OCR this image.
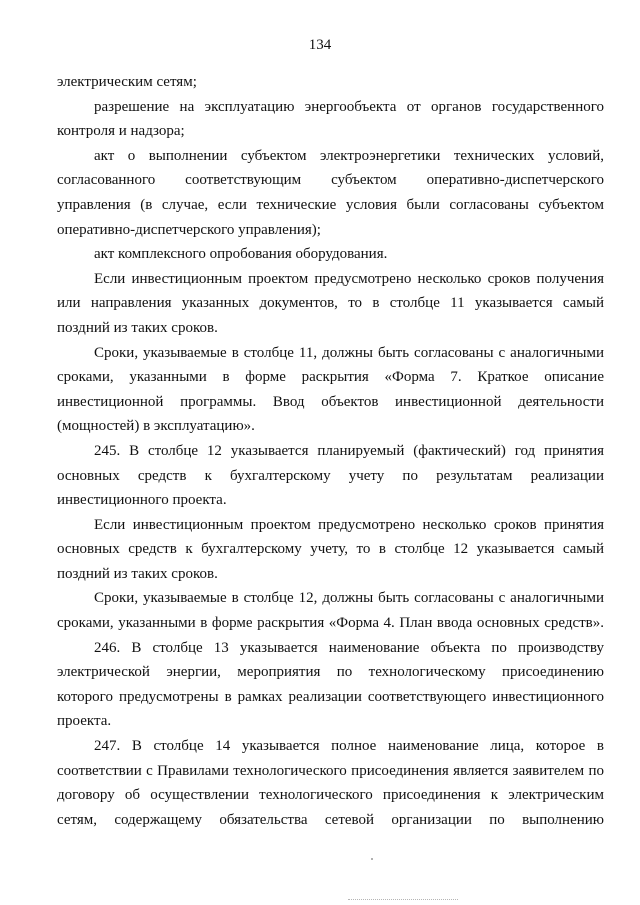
134
электрическим сетям;
разрешение на эксплуатацию энергообъекта от органов государственного
контроля и надзора;
акт о выполнении субъектом электроэнергетики технических условий,
согласованного соответствующим субъектом оперативно-диспетчерского
управления (в случае, если технические условия были согласованы субъектом
оперативно-диспетчерского управления);
акт комплексного опробования оборудования.
Если инвестиционным проектом предусмотрено несколько сроков получения
или направления указанных документов, то в столбце 11 указывается самый
поздний из таких сроков.
Сроки, указываемые в столбце 11, должны быть согласованы с аналогичными
сроками, указанными в форме раскрытия «Форма 7. Краткое описание
инвестиционной программы. Ввод объектов инвестиционной деятельности
(мощностей) в эксплуатацию».
245. В столбце 12 указывается планируемый (фактический) год принятия
основных средств к бухгалтерскому учету по результатам реализации
инвестиционного проекта.
Если инвестиционным проектом предусмотрено несколько сроков принятия
основных средств к бухгалтерскому учету, то в столбце 12 указывается самый
поздний из таких сроков.
Сроки, указываемые в столбце 12, должны быть согласованы с аналогичными
сроками, указанными в форме раскрытия «Форма 4. План ввода основных средств».
246. В столбце 13 указывается наименование объекта по производству
электрической энергии, мероприятия по технологическому присоединению
которого предусмотрены в рамках реализации соответствующего инвестиционного
проекта.
247. В столбце 14 указывается полное наименование лица, которое в
соответствии с Правилами технологического присоединения является заявителем по
договору об осуществлении технологического присоединения к электрическим
сетям, содержащему обязательства сетевой организации по выполнению
